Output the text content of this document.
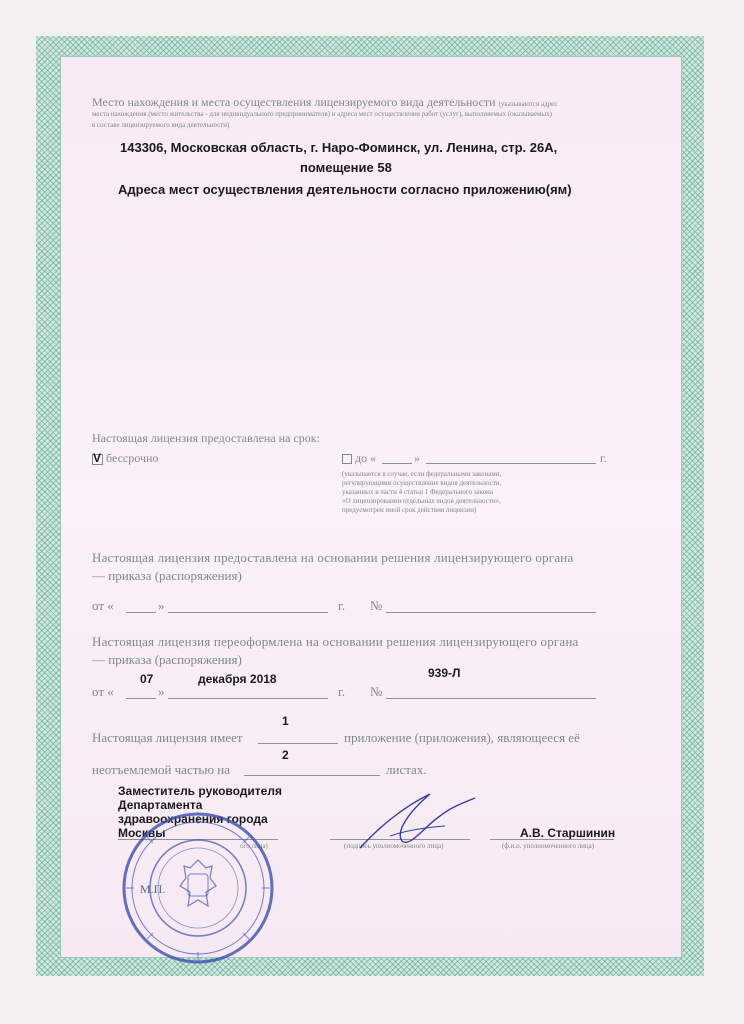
Место нахождения и места осуществления лицензируемого вида деятельности (указываются адрес
места нахождения (место жительства - для индивидуального предпринимателя) и адреса мест осуществления работ (услуг), выполняемых (оказываемых)
в составе лицензируемого вида деятельности)
143306, Московская область, г. Наро-Фоминск, ул. Ленина, стр. 26А,
помещение 58
Адреса мест осуществления деятельности согласно приложению(ям)
Настоящая лицензия предоставлена на срок:
V бессрочно	до «	»	г.
(указывается в случае, если федеральными законами,
регулирующими осуществление видов деятельности,
указанных в части 4 статьи 1 Федерального закона
«О лицензировании отдельных видов деятельности»,
предусмотрен иной срок действия лицензии)
Настоящая лицензия предоставлена на основании решения лицензирующего органа
— приказа (распоряжения)
от «	»	г. №
Настоящая лицензия переоформлена на основании решения лицензирующего органа
— приказа (распоряжения)
от «
07
»
декабря 2018
г. №
939-Л
Настоящая лицензия имеет
1
приложение (приложения), являющееся её
неотъемлемой частью на
2
листах.
Заместитель руководителя
Департамента
здравоохранения города
Москвы
ого лица)	(подпись уполномоченного лица)
А.В. Старшинин
(ф.и.о. уполномоченного лица)
М.П.
